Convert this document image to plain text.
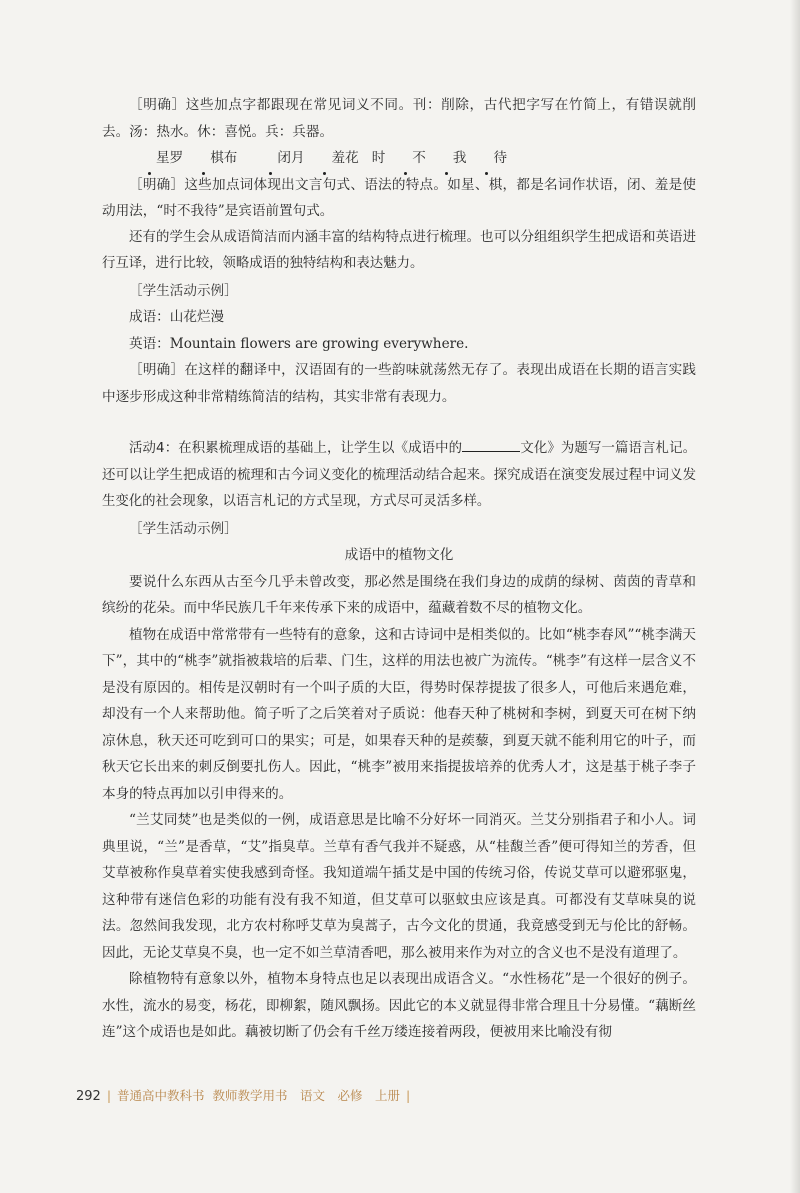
［明确］这些加点字都跟现在常见词义不同。刊：削除，古代把字写在竹简上，有错误就削去。汤：热水。休：喜悦。兵：兵器。

星
罗 棋
布	闭
月 羞
花 时 不 我 待

［明确］这些加点词体现出文言句式、语法的特点。如星、棋，都是名词作状语，闭、羞是使动用法，“时不我待”是宾语前置句式。

还有的学生会从成语简洁而内涵丰富的结构特点进行梳理。也可以分组组织学生把成语和英语进行互译，进行比较，领略成语的独特结构和表达魅力。

［学生活动示例］

成语：山花烂漫

英语：Mountain flowers are growing everywhere.

［明确］在这样的翻译中，汉语固有的一些韵味就荡然无存了。表现出成语在长期的语言实践中逐步形成这种非常精练简洁的结构，其实非常有表现力。

活动4：在积累梳理成语的基础上，让学生以《成语中的	文化》为题写一篇语言札记。还可以让学生把成语的梳理和古今词义变化的梳理活动结合起来。探究成语在演变发展过程中词义发生变化的社会现象，以语言札记的方式呈现，方式尽可灵活多样。

［学生活动示例］

成语中的植物文化

要说什么东西从古至今几乎未曾改变，那必然是围绕在我们身边的成荫的绿树、茵茵的青草和缤纷的花朵。而中华民族几千年来传承下来的成语中，蕴藏着数不尽的植物文化。

植物在成语中常常带有一些特有的意象，这和古诗词中是相类似的。比如“桃李春风”“桃李满天下”，其中的“桃李”就指被栽培的后辈、门生，这样的用法也被广为流传。“桃李”有这样一层含义不是没有原因的。相传是汉朝时有一个叫子质的大臣，得势时保荐提拔了很多人，可他后来遇危难，却没有一个人来帮助他。简子听了之后笑着对子质说：他春天种了桃树和李树，到夏天可在树下纳凉休息，秋天还可吃到可口的果实；可是，如果春天种的是蒺藜，到夏天就不能利用它的叶子，而秋天它长出来的刺反倒要扎伤人。因此，“桃李”被用来指提拔培养的优秀人才，这是基于桃子李子本身的特点再加以引申得来的。

“兰艾同焚”也是类似的一例，成语意思是比喻不分好坏一同消灭。兰艾分别指君子和小人。词典里说，“兰”是香草，“艾”指臭草。兰草有香气我并不疑惑，从“桂馥兰香”便可得知兰的芳香，但艾草被称作臭草着实使我感到奇怪。我知道端午插艾是中国的传统习俗，传说艾草可以避邪驱鬼，这种带有迷信色彩的功能有没有我不知道，但艾草可以驱蚊虫应该是真。可都没有艾草味臭的说法。忽然间我发现，北方农村称呼艾草为臭蒿子，古今文化的贯通，我竟感受到无与伦比的舒畅。因此，无论艾草臭不臭，也一定不如兰草清香吧，那么被用来作为对立的含义也不是没有道理了。

除植物特有意象以外，植物本身特点也足以表现出成语含义。“水性杨花”是一个很好的例子。水性，流水的易变，杨花，即柳絮，随风飘扬。因此它的本义就显得非常合理且十分易懂。“藕断丝连”这个成语也是如此。藕被切断了仍会有千丝万缕连接着两段，便被用来比喻没有彻

292 | 普通高中教科书 教师教学用书　语文　必修　上册 |
